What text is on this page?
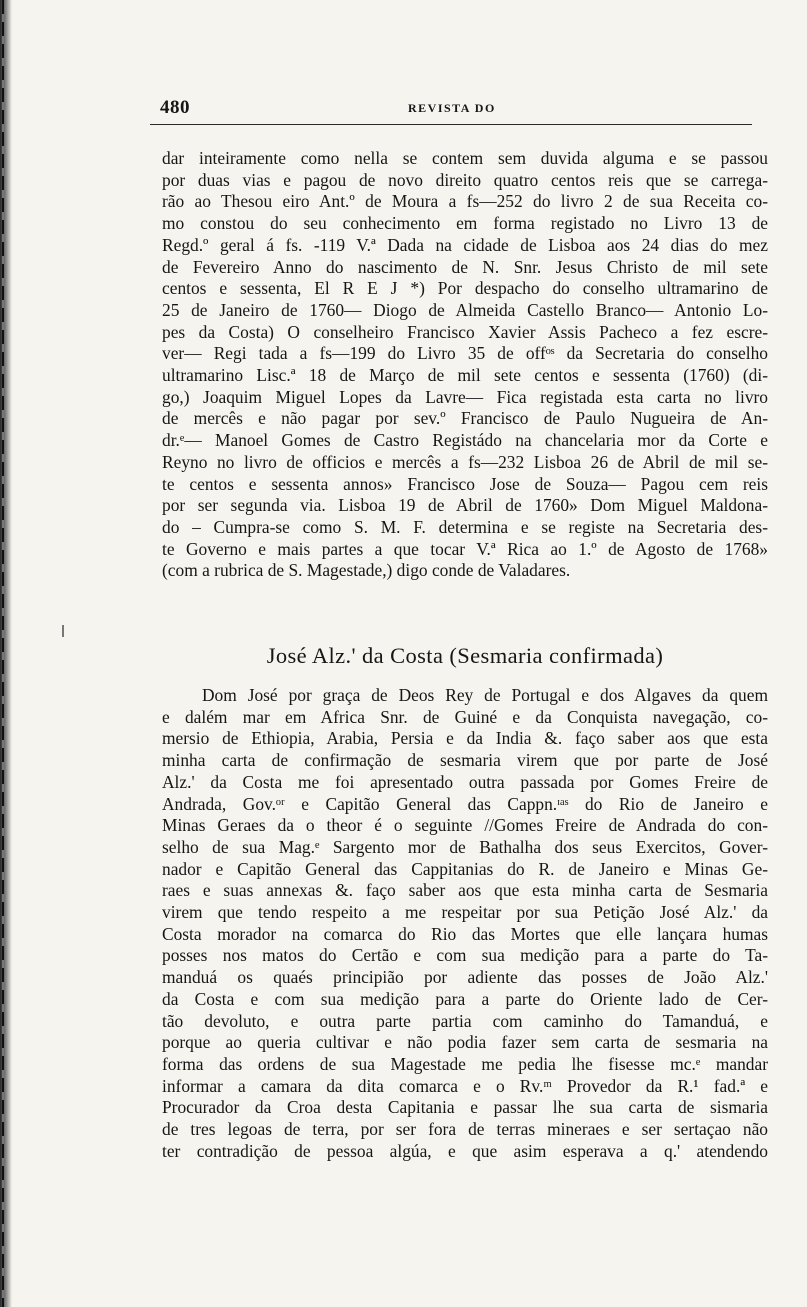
480	REVISTA DO
dar inteiramente como nella se contem sem duvida alguma e se passou
por duas vias e pagou de novo direito quatro centos reis que se carrega-
rão ao Thesou eiro Ant.º de Moura a fs—252 do livro 2 de sua Receita co-
mo constou do seu conhecimento em forma registado no Livro 13 de
Regd.º geral á fs. -119 V.ª Dada na cidade de Lisboa aos 24 dias do mez
de Fevereiro Anno do nascimento de N. Snr. Jesus Christo de mil sete
centos e sessenta, El R E J *) Por despacho do conselho ultramarino de
25 de Janeiro de 1760— Diogo de Almeida Castello Branco— Antonio Lo-
pes da Costa) O conselheiro Francisco Xavier Assis Pacheco a fez escre-
ver— Regi tada a fs—199 do Livro 35 de offᵒˢ da Secretaria do conselho
ultramarino Lisc.ª 18 de Março de mil sete centos e sessenta (1760) (di-
go,) Joaquim Miguel Lopes da Lavre— Fica registada esta carta no livro
de mercês e não pagar por sev.º Francisco de Paulo Nugueira de An-
dr.ᵉ— Manoel Gomes de Castro Registádo na chancelaria mor da Corte e
Reyno no livro de officios e mercês a fs—232 Lisboa 26 de Abril de mil se-
te centos e sessenta annos» Francisco Jose de Souza— Pagou cem reis
por ser segunda via. Lisboa 19 de Abril de 1760» Dom Miguel Maldona-
do – Cumpra-se como S. M. F. determina e se registe na Secretaria des-
te Governo e mais partes a que tocar V.ª Rica ao 1.º de Agosto de 1768»
(com a rubrica de S. Magestade,) digo conde de Valadares.
José Alz.' da Costa (Sesmaria confirmada)
Dom José por graça de Deos Rey de Portugal e dos Algaves da quem
e dalém mar em Africa Snr. de Guiné e da Conquista navegação, co-
mersio de Ethiopia, Arabia, Persia e da India &. faço saber aos que esta
minha carta de confirmação de sesmaria virem que por parte de José
Alz.' da Costa me foi apresentado outra passada por Gomes Freire de
Andrada, Gov.ᵒʳ e Capitão General das Cappn.ᶦᵃˢ do Rio de Janeiro e
Minas Geraes da o theor é o seguinte //Gomes Freire de Andrada do con-
selho de sua Mag.ᵉ Sargento mor de Bathalha dos seus Exercitos, Gover-
nador e Capitão General das Cappitanias do R. de Janeiro e Minas Ge-
raes e suas annexas &. faço saber aos que esta minha carta de Sesmaria
virem que tendo respeito a me respeitar por sua Petição José Alz.' da
Costa morador na comarca do Rio das Mortes que elle lançara humas
posses nos matos do Certão e com sua medição para a parte do Ta-
manduá os quaés principião por adiente das posses de João Alz.'
da Costa e com sua medição para a parte do Oriente lado de Cer-
tão devoluto, e outra parte partia com caminho do Tamanduá, e
porque ao queria cultivar e não podia fazer sem carta de sesmaria na
forma das ordens de sua Magestade me pedia lhe fisesse mc.ᵉ mandar
informar a camara da dita comarca e o Rv.ᵐ Provedor da R.¹ fad.ª e
Procurador da Croa desta Capitania e passar lhe sua carta de sismaria
de tres legoas de terra, por ser fora de terras mineraes e ser sertaçao não
ter contradição de pessoa algúa, e que asim esperava a q.' atendendo
